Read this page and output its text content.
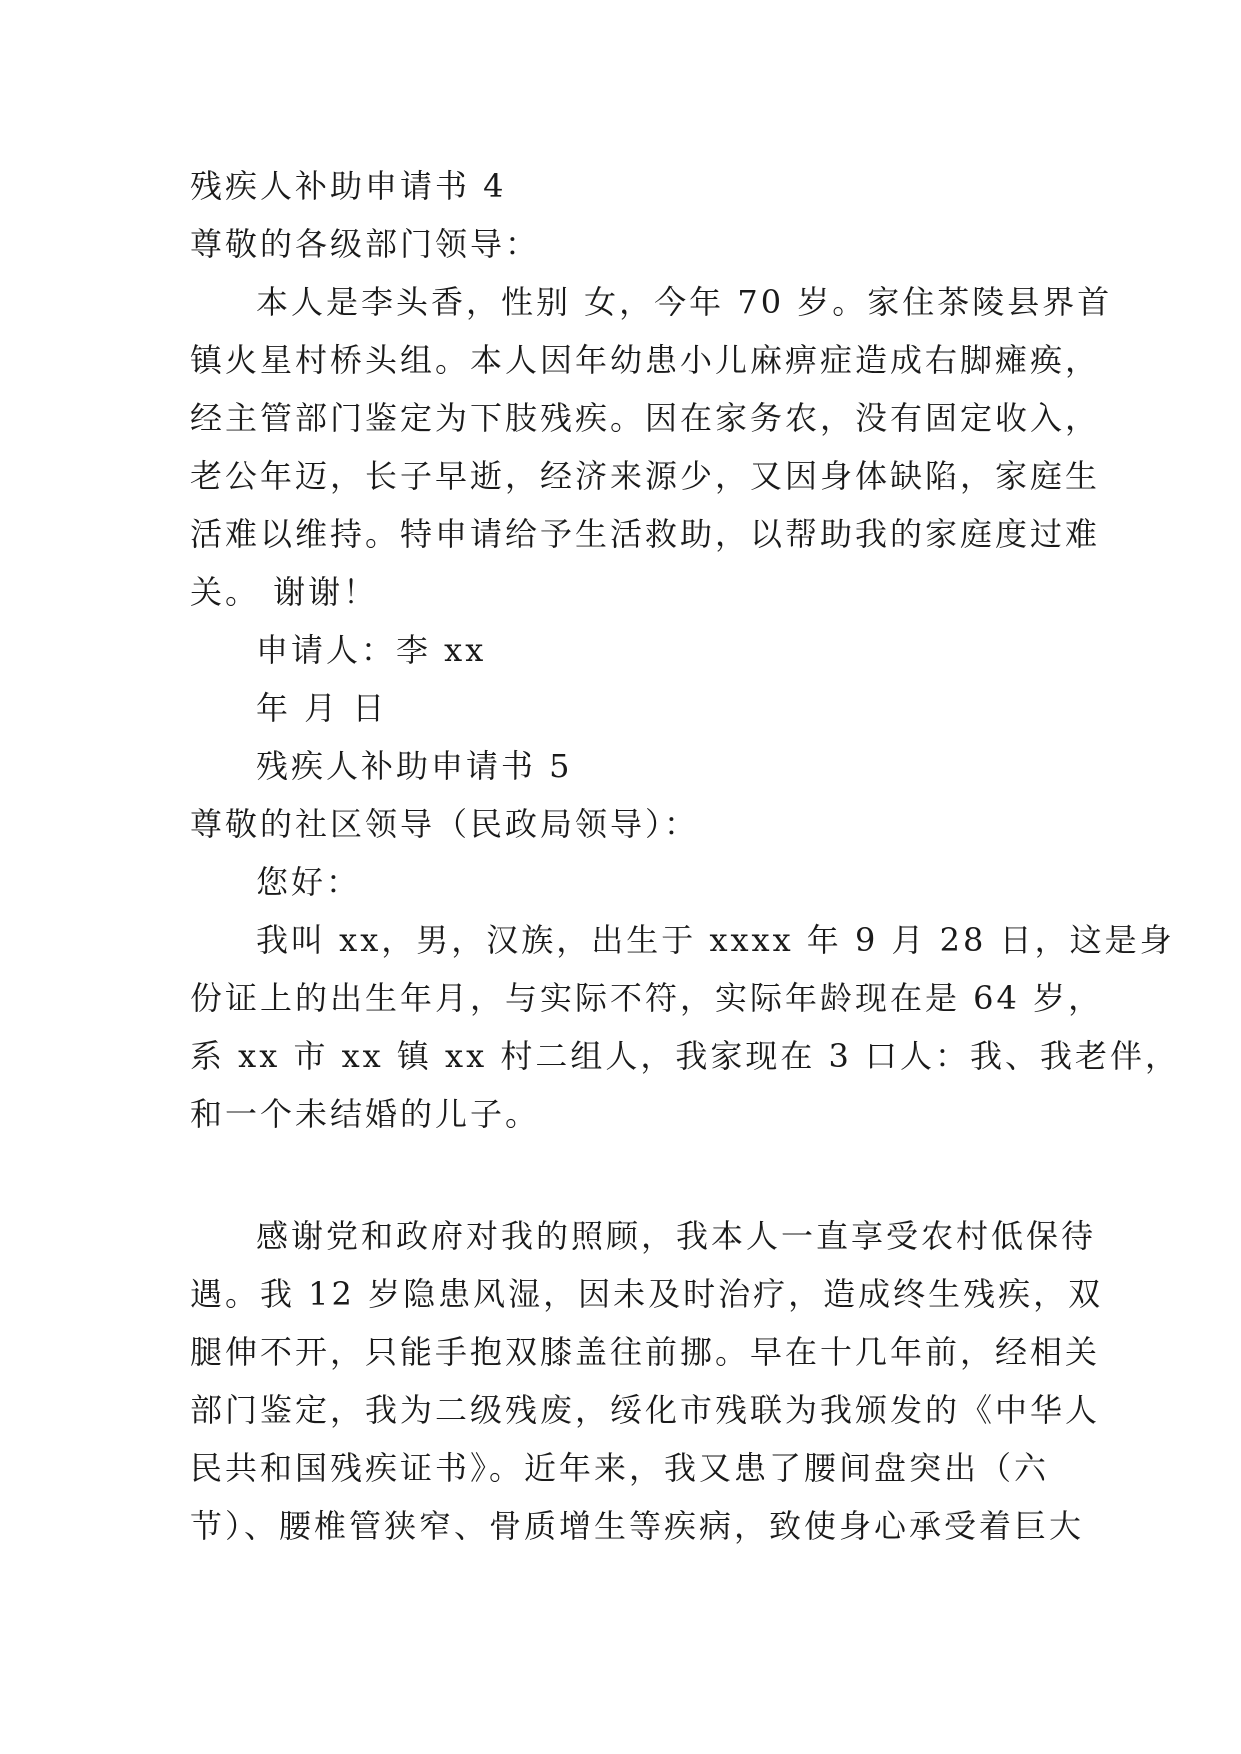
残疾人补助申请书 4
尊敬的各级部门领导：
本人是李头香，性别 女，今年 70 岁。家住茶陵县界首
镇火星村桥头组。本人因年幼患小儿麻痹症造成右脚瘫痪，
经主管部门鉴定为下肢残疾。因在家务农，没有固定收入，
老公年迈，长子早逝，经济来源少，又因身体缺陷，家庭生
活难以维持。特申请给予生活救助，以帮助我的家庭度过难
关。 谢谢！
申请人：李 xx
年 月 日
残疾人补助申请书 5
尊敬的社区领导（民政局领导）：
您好：
我叫 xx，男，汉族，出生于 xxxx 年 9 月 28 日，这是身
份证上的出生年月，与实际不符，实际年龄现在是 64 岁，
系 xx 市 xx 镇 xx 村二组人，我家现在 3 口人：我、我老伴，
和一个未结婚的儿子。
感谢党和政府对我的照顾，我本人一直享受农村低保待
遇。我 12 岁隐患风湿，因未及时治疗，造成终生残疾，双
腿伸不开，只能手抱双膝盖往前挪。早在十几年前，经相关
部门鉴定，我为二级残废，绥化市残联为我颁发的《中华人
民共和国残疾证书》。近年来，我又患了腰间盘突出（六
节）、腰椎管狭窄、骨质增生等疾病，致使身心承受着巨大
